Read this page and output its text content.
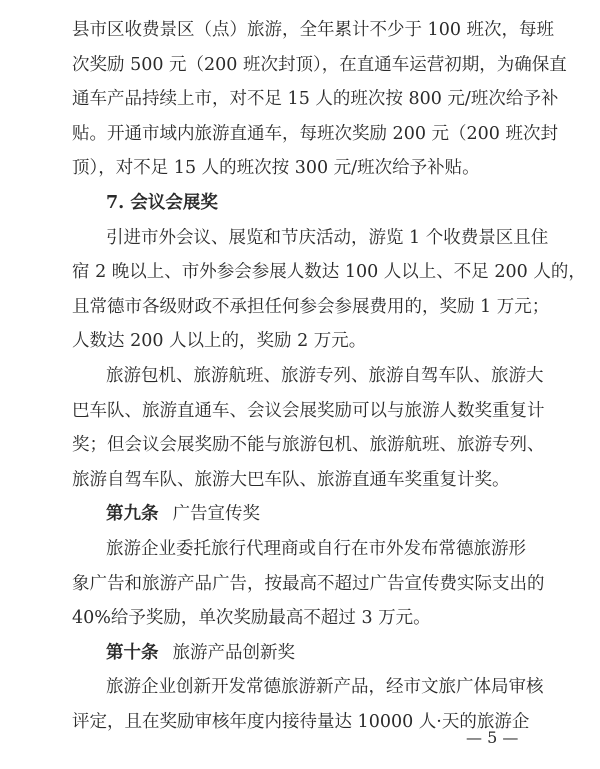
县市区收费景区（点）旅游，全年累计不少于 100 班次，每班
次奖励 500 元（200 班次封顶），在直通车运营初期，为确保直
通车产品持续上市，对不足 15 人的班次按 800 元/班次给予补
贴。开通市域内旅游直通车，每班次奖励 200 元（200 班次封
顶），对不足 15 人的班次按 300 元/班次给予补贴。
7. 会议会展奖
引进市外会议、展览和节庆活动，游览 1 个收费景区且住
宿 2 晚以上、市外参会参展人数达 100 人以上、不足 200 人的，
且常德市各级财政不承担任何参会参展费用的，奖励 1 万元；
人数达 200 人以上的，奖励 2 万元。
旅游包机、旅游航班、旅游专列、旅游自驾车队、旅游大
巴车队、旅游直通车、会议会展奖励可以与旅游人数奖重复计
奖；但会议会展奖励不能与旅游包机、旅游航班、旅游专列、
旅游自驾车队、旅游大巴车队、旅游直通车奖重复计奖。
第九条 广告宣传奖
旅游企业委托旅行代理商或自行在市外发布常德旅游形
象广告和旅游产品广告，按最高不超过广告宣传费实际支出的
40%给予奖励，单次奖励最高不超过 3 万元。
第十条 旅游产品创新奖
旅游企业创新开发常德旅游新产品，经市文旅广体局审核
评定，且在奖励审核年度内接待量达 10000 人·天的旅游企
— 5 —
